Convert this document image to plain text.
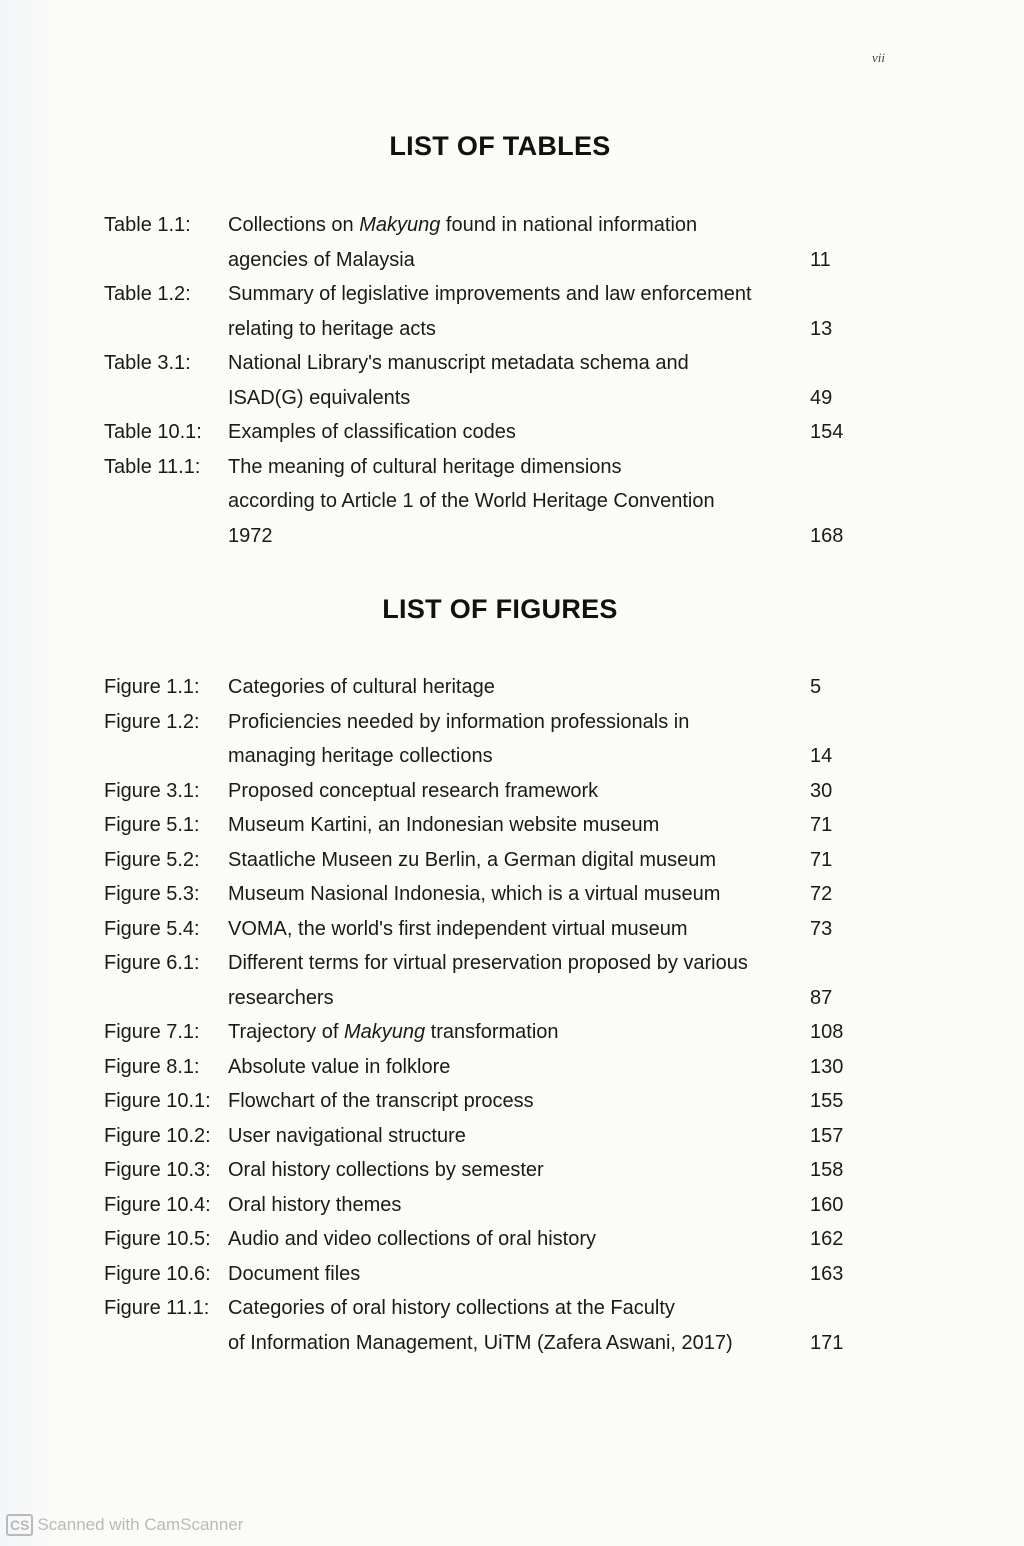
vii
LIST OF TABLES
Table 1.1: Collections on Makyung found in national information
agencies of Malaysia	11
Table 1.2: Summary of legislative improvements and law enforcement
relating to heritage acts	13
Table 3.1: National Library's manuscript metadata schema and
ISAD(G) equivalents	49
Table 10.1: Examples of classification codes	154
Table 11.1: The meaning of cultural heritage dimensions
according to Article 1 of the World Heritage Convention
1972	168
LIST OF FIGURES
Figure 1.1: Categories of cultural heritage	5
Figure 1.2: Proficiencies needed by information professionals in
managing heritage collections	14
Figure 3.1: Proposed conceptual research framework	30
Figure 5.1: Museum Kartini, an Indonesian website museum	71
Figure 5.2: Staatliche Museen zu Berlin, a German digital museum	71
Figure 5.3: Museum Nasional Indonesia, which is a virtual museum	72
Figure 5.4: VOMA, the world's first independent virtual museum	73
Figure 6.1: Different terms for virtual preservation proposed by various
researchers	87
Figure 7.1: Trajectory of Makyung transformation	108
Figure 8.1: Absolute value in folklore	130
Figure 10.1: Flowchart of the transcript process	155
Figure 10.2: User navigational structure	157
Figure 10.3: Oral history collections by semester	158
Figure 10.4: Oral history themes	160
Figure 10.5: Audio and video collections of oral history	162
Figure 10.6: Document files	163
Figure 11.1: Categories of oral history collections at the Faculty
of Information Management, UiTM (Zafera Aswani, 2017)	171
CS Scanned with CamScanner
